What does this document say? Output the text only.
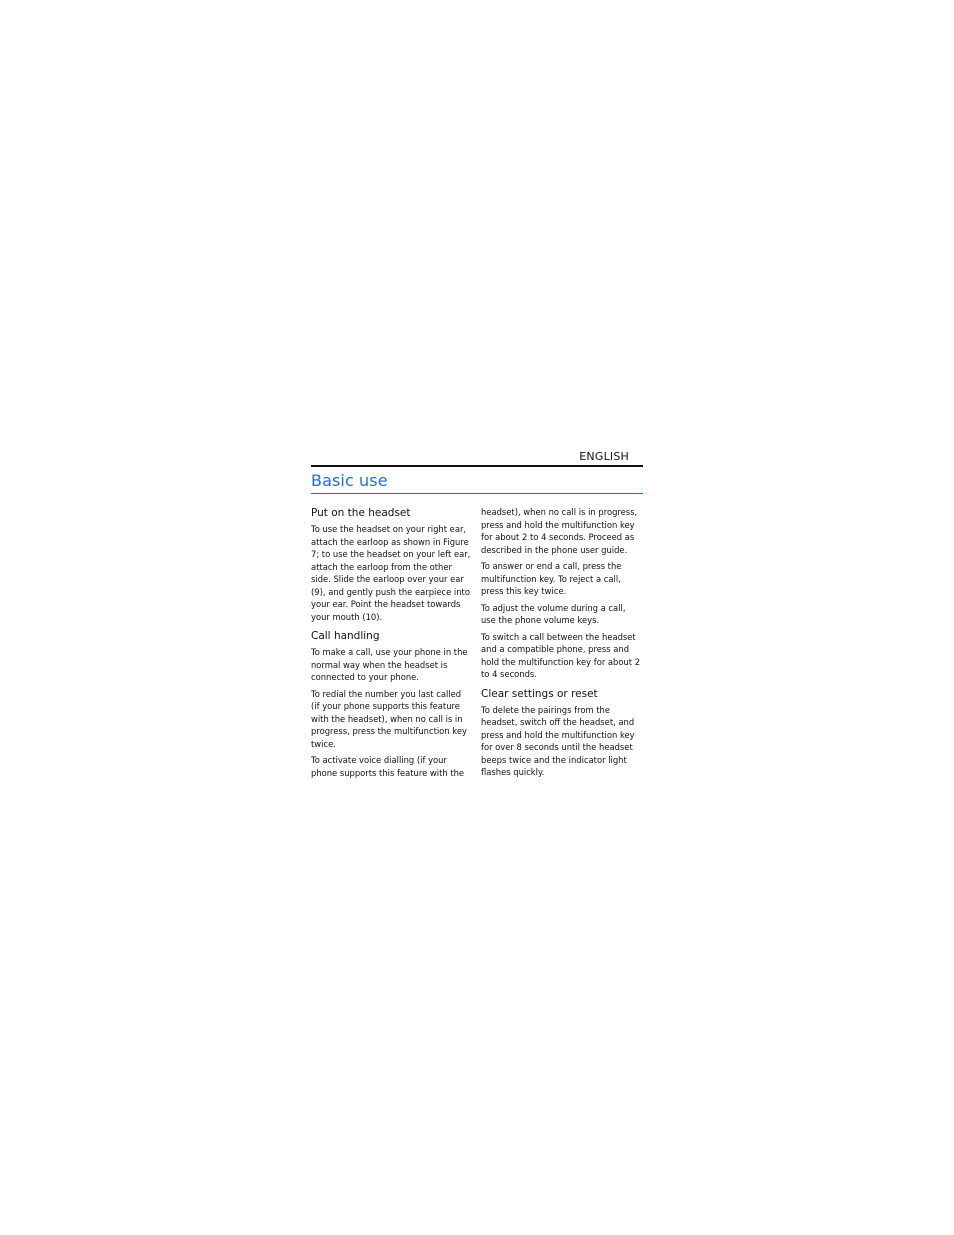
ENGLISH
Basic use
Put on the headset

To use the headset on your right ear, attach the earloop as shown in Figure 7; to use the headset on your left ear, attach the earloop from the other side. Slide the earloop over your ear (9), and gently push the earpiece into your ear. Point the headset towards your mouth (10).

Call handling

To make a call, use your phone in the normal way when the headset is connected to your phone.

To redial the number you last called (if your phone supports this feature with the headset), when no call is in progress, press the multifunction key twice.

To activate voice dialling (if your phone supports this feature with the

headset), when no call is in progress, press and hold the multifunction key for about 2 to 4 seconds. Proceed as described in the phone user guide.

To answer or end a call, press the multifunction key. To reject a call, press this key twice.

To adjust the volume during a call, use the phone volume keys.

To switch a call between the headset and a compatible phone, press and hold the multifunction key for about 2 to 4 seconds.

Clear settings or reset

To delete the pairings from the headset, switch off the headset, and press and hold the multifunction key for over 8 seconds until the headset beeps twice and the indicator light flashes quickly.
